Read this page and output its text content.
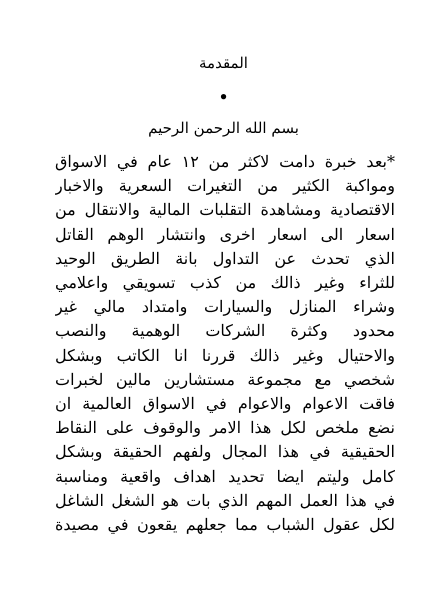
المقدمة
•
بسم الله الرحمن الرحيم
*بعد خبرة دامت لاكثر من ١٢ عام في الاسواق
ومواكبة الكثير من التغيرات السعرية والاخبار
الاقتصادية ومشاهدة التقلبات المالية والانتقال من
اسعار الى اسعار اخرى وانتشار الوهم القاتل
الذي تحدث عن التداول بانة الطريق الوحيد
للثراء وغير ذالك من كذب تسويقي واعلامي
وشراء المنازل والسيارات وامتداد مالي غير
محدود وكثرة الشركات الوهمية والنصب
والاحتيال وغير ذالك قررنا انا الكاتب وبشكل
شخصي مع مجموعة مستشارين مالين لخبرات
فاقت الاعوام والاعوام في الاسواق العالمية ان
نضع ملخص لكل هذا الامر والوقوف على النقاط
الحقيقية في هذا المجال ولفهم الحقيقة وبشكل
كامل وليتم ايضا تحديد اهداف واقعية ومناسبة
في هذا العمل المهم الذي بات هو الشغل الشاغل
لكل عقول الشباب مما جعلهم يقعون في مصيدة
